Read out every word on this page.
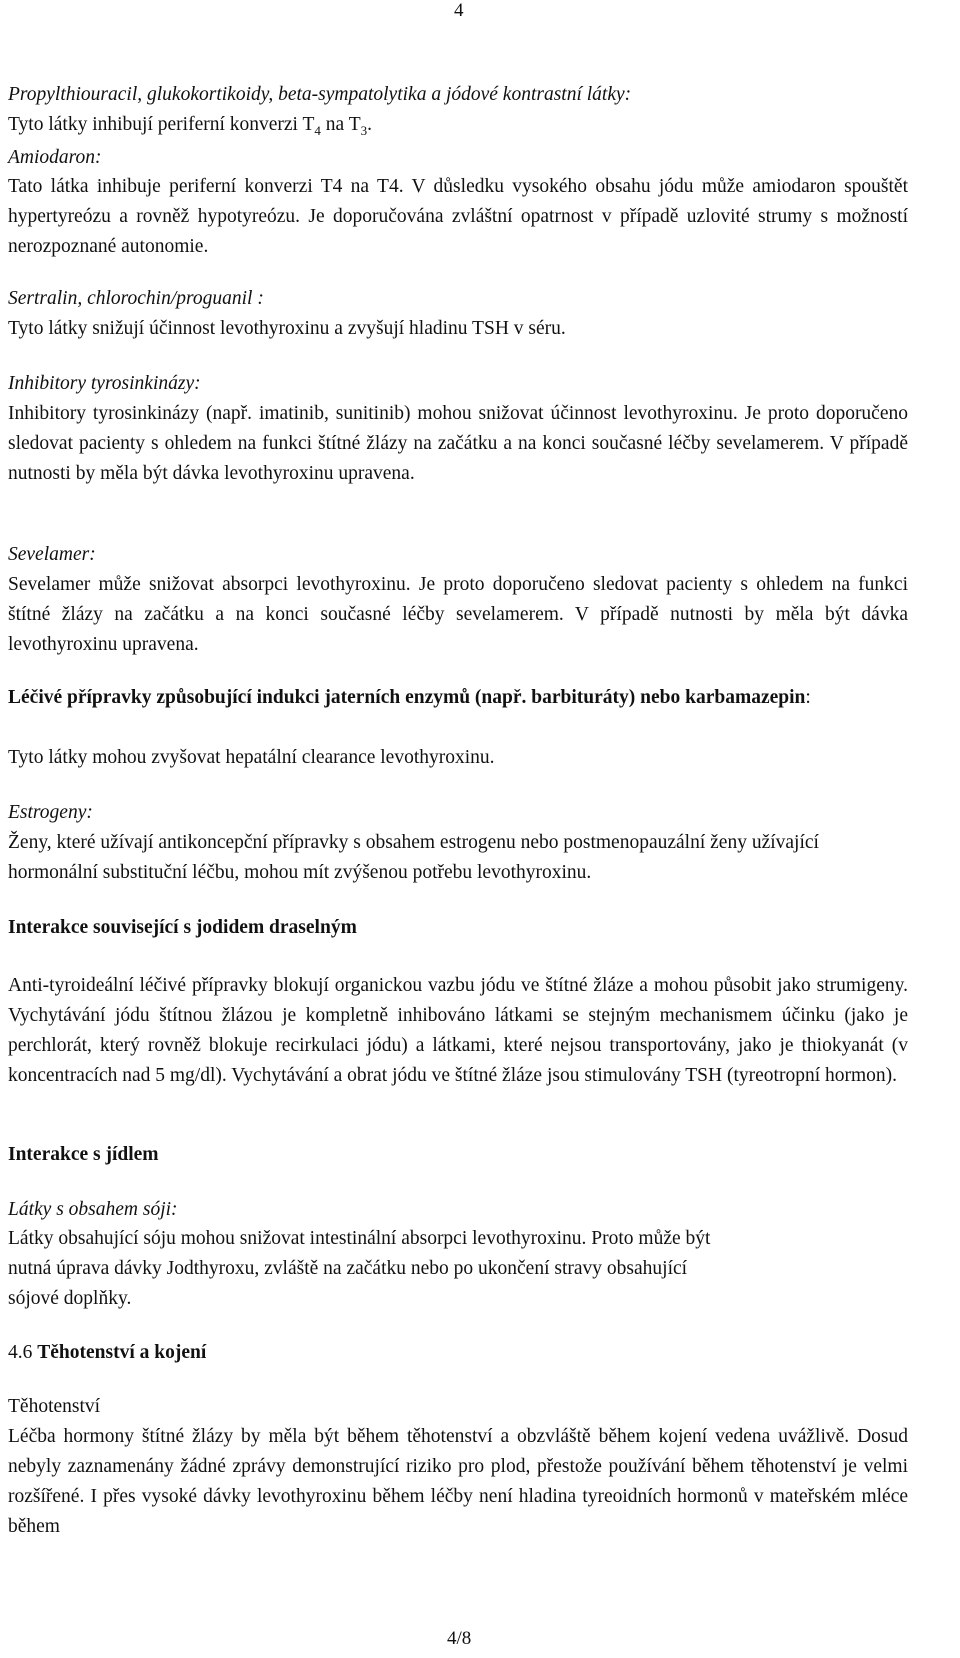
4

Propylthiouracil, glukokortikoidy, beta-sympatolytika a jódové kontrastní látky:

Tyto látky inhibují periferní konverzi $T_4$ na $T_3$.

Amiodaron:

Tato látka inhibuje periferní konverzi T4 na T4. V důsledku vysokého obsahu jódu může amiodaron spouštět hypertyreózu a rovněž hypotyreózu. Je doporučována zvláštní opatrnost v případě uzlovité strumy s možností nerozpoznané autonomie.

Sertralin, chlorochin/proguanil :

Tyto látky snižují účinnost levothyroxinu a zvyšují hladinu TSH v séru.

Inhibitory tyrosinkinázy:

Inhibitory tyrosinkinázy (např. imatinib, sunitinib) mohou snižovat účinnost levothyroxinu. Je proto doporučeno sledovat pacienty s ohledem na funkci štítné žlázy na začátku a na konci současné léčby sevelamerem. V případě nutnosti by měla být dávka levothyroxinu upravena.

Sevelamer:

Sevelamer může snižovat absorpci levothyroxinu. Je proto doporučeno sledovat pacienty s ohledem na funkci štítné žlázy na začátku a na konci současné léčby sevelamerem. V případě nutnosti by měla být dávka levothyroxinu upravena.

Léčivé přípravky způsobující indukci jaterních enzymů (např. barbituráty) nebo karbamazepin:

Tyto látky mohou zvyšovat hepatální clearance levothyroxinu.

Estrogeny:

Ženy, které užívají antikoncepční přípravky s obsahem estrogenu nebo postmenopauzální ženy užívající hormonální substituční léčbu, mohou mít zvýšenou potřebu levothyroxinu.

Interakce související s jodidem draselným

Anti-tyroideální léčivé přípravky blokují organickou vazbu jódu ve štítné žláze a mohou působit jako strumigeny. Vychytávání jódu štítnou žlázou je kompletně inhibováno látkami se stejným mechanismem účinku (jako je perchlorát, který rovněž blokuje recirkulaci jódu) a látkami, které nejsou transportovány, jako je thiokyanát (v koncentracích nad 5 mg/dl). Vychytávání a obrat jódu ve štítné žláze jsou stimulovány TSH (tyreotropní hormon).

Interakce s jídlem

Látky s obsahem sóji:

Látky obsahující sóju mohou snižovat intestinální absorpci levothyroxinu. Proto může být

nutná úprava dávky Jodthyroxu, zvláště na začátku nebo po ukončení stravy obsahující

sójové doplňky.

4.6 Těhotenství a kojení

Těhotenství

Léčba hormony štítné žlázy by měla být během těhotenství a obzvláště během kojení vedena uvážlivě. Dosud nebyly zaznamenány žádné zprávy demonstrující riziko pro plod, přestože používání během těhotenství je velmi rozšířené. I přes vysoké dávky levothyroxinu během léčby není hladina tyreoidních hormonů v mateřském mlécе během

4/8
